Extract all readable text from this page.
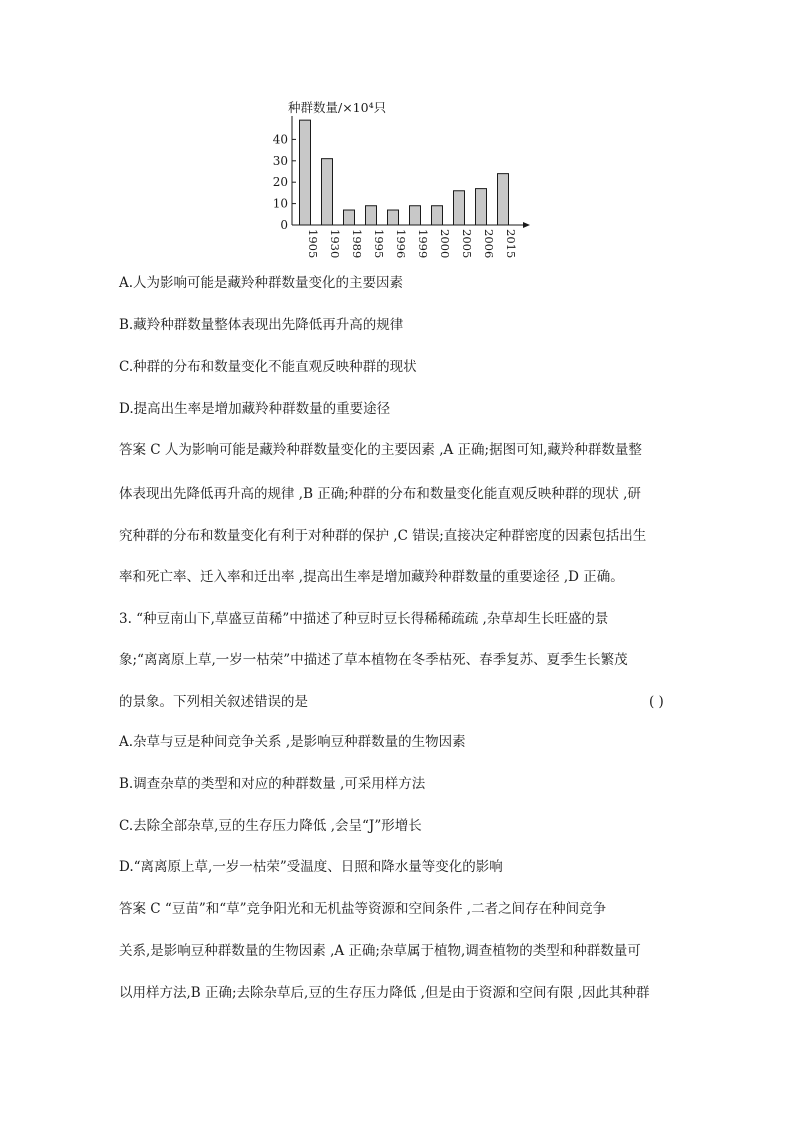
种群数量/×10⁴只
0
10
20
30
40
1905 1930 1989 1995 1996 1999 2000 2005 2006 2015
A.人为影响可能是藏羚种群数量变化的主要因素
B.藏羚种群数量整体表现出先降低再升高的规律
C.种群的分布和数量变化不能直观反映种群的现状
D.提高出生率是增加藏羚种群数量的重要途径
答案 C 人为影响可能是藏羚种群数量变化的主要因素 ,A 正确;据图可知,藏羚种群数量整
体表现出先降低再升高的规律 ,B 正确;种群的分布和数量变化能直观反映种群的现状 ,研
究种群的分布和数量变化有利于对种群的保护 ,C 错误;直接决定种群密度的因素包括出生
率和死亡率、迁入率和迁出率 ,提高出生率是增加藏羚种群数量的重要途径 ,D 正确。
3. “种豆南山下,草盛豆苗稀”中描述了种豆时豆长得稀稀疏疏 ,杂草却生长旺盛的景
象;“离离原上草,一岁一枯荣”中描述了草本植物在冬季枯死、春季复苏、夏季生长繁茂
的景象。下列相关叙述错误的是	( )
A.杂草与豆是种间竞争关系 ,是影响豆种群数量的生物因素
B.调查杂草的类型和对应的种群数量 ,可采用样方法
C.去除全部杂草,豆的生存压力降低 ,会呈“J”形增长
D.“离离原上草,一岁一枯荣”受温度、日照和降水量等变化的影响
答案 C “豆苗”和“草”竞争阳光和无机盐等资源和空间条件 ,二者之间存在种间竞争
关系,是影响豆种群数量的生物因素 ,A 正确;杂草属于植物,调查植物的类型和种群数量可
以用样方法,B 正确;去除杂草后,豆的生存压力降低 ,但是由于资源和空间有限 ,因此其种群
